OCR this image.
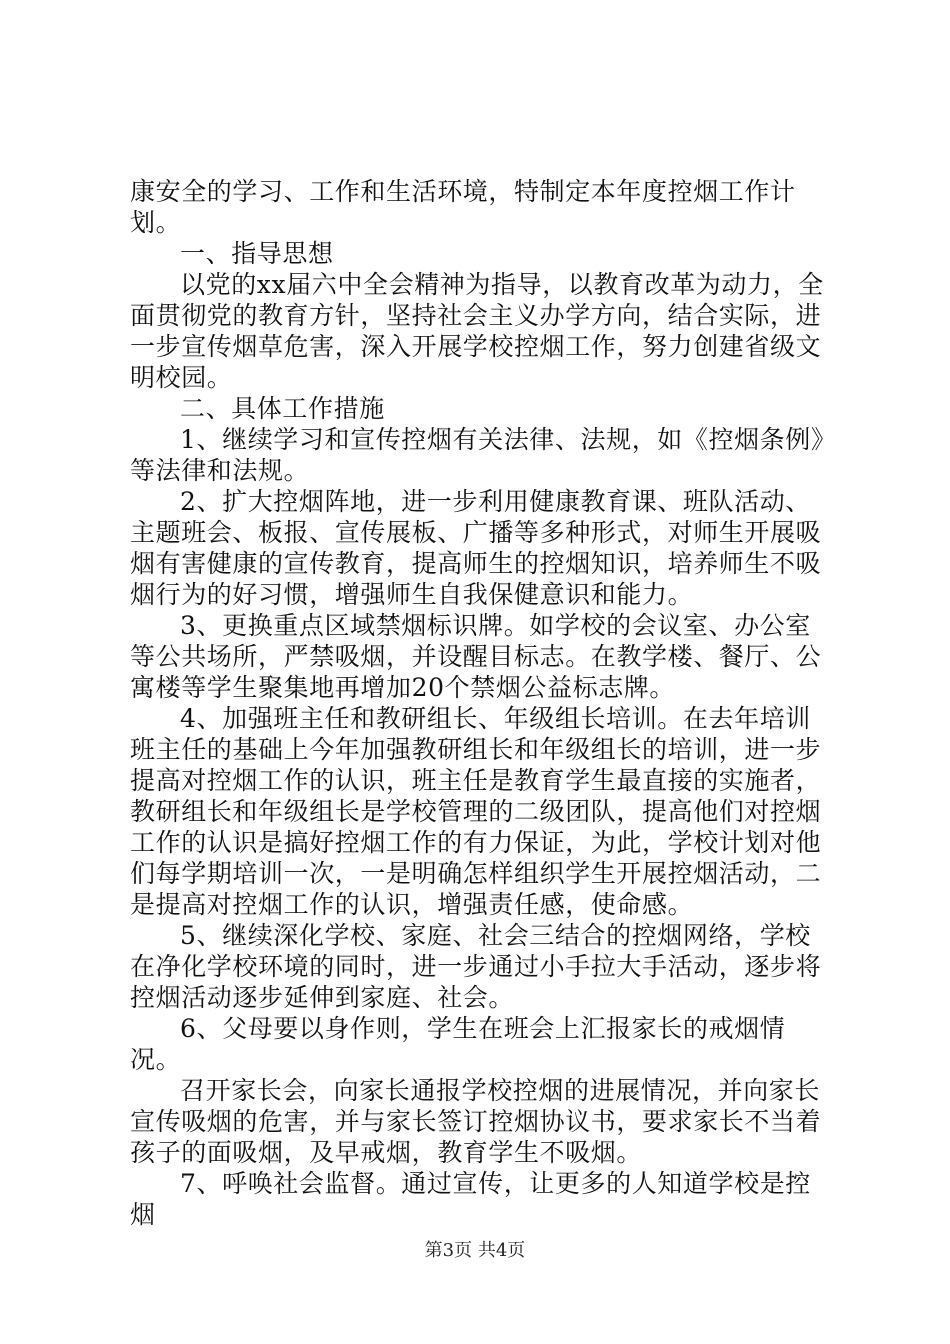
康安全的学习、工作和生活环境，特制定本年度控烟工作计划。

一、指导思想

以党的xx届六中全会精神为指导，以教育改革为动力，全面贯彻党的教育方针，坚持社会主义办学方向，结合实际，进一步宣传烟草危害，深入开展学校控烟工作，努力创建省级文明校园。

二、具体工作措施

1、继续学习和宣传控烟有关法律、法规，如《控烟条例》等法律和法规。

2、扩大控烟阵地，进一步利用健康教育课、班队活动、主题班会、板报、宣传展板、广播等多种形式，对师生开展吸烟有害健康的宣传教育，提高师生的控烟知识，培养师生不吸烟行为的好习惯，增强师生自我保健意识和能力。

3、更换重点区域禁烟标识牌。如学校的会议室、办公室等公共场所，严禁吸烟，并设醒目标志。在教学楼、餐厅、公寓楼等学生聚集地再增加20个禁烟公益标志牌。

4、加强班主任和教研组长、年级组长培训。在去年培训班主任的基础上今年加强教研组长和年级组长的培训，进一步提高对控烟工作的认识，班主任是教育学生最直接的实施者，教研组长和年级组长是学校管理的二级团队，提高他们对控烟工作的认识是搞好控烟工作的有力保证，为此，学校计划对他们每学期培训一次，一是明确怎样组织学生开展控烟活动，二是提高对控烟工作的认识，增强责任感，使命感。

5、继续深化学校、家庭、社会三结合的控烟网络，学校在净化学校环境的同时，进一步通过小手拉大手活动，逐步将控烟活动逐步延伸到家庭、社会。

6、父母要以身作则，学生在班会上汇报家长的戒烟情况。

召开家长会，向家长通报学校控烟的进展情况，并向家长宣传吸烟的危害，并与家长签订控烟协议书，要求家长不当着孩子的面吸烟，及早戒烟，教育学生不吸烟。

7、呼唤社会监督。通过宣传，让更多的人知道学校是控烟

第3页 共4页
